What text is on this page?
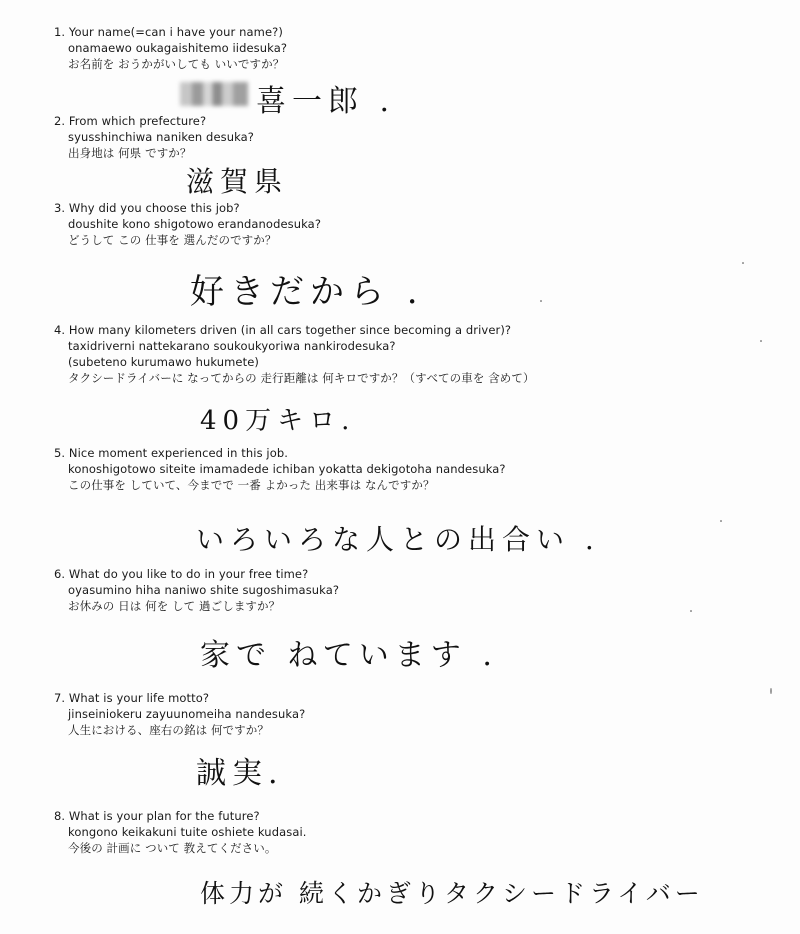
1. Your name(=can i have your name?)
onamaewo oukagaishitemo iidesuka?
お名前を おうかがいしても いいですか？
喜一郎 .
2. From which prefecture?
syusshinchiwa naniken desuka?
出身地は 何県 ですか？
滋賀県
3. Why did you choose this job?
doushite kono shigotowo erandanodesuka?
どうして この 仕事を 選んだのですか？
好きだから .
4. How many kilometers driven (in all cars together since becoming a driver)?
taxidriverni nattekarano soukoukyoriwa nankirodesuka?
(subeteno kurumawo hukumete)
タクシードライバーに なってからの 走行距離は 何キロですか？（すべての車を 含めて）
40万キロ.
5. Nice moment experienced in this job.
konoshigotowo siteite imamadede ichiban yokatta dekigotoha nandesuka?
この仕事を していて、今までで 一番 よかった 出来事は なんですか？
いろいろな人との出合い .
6. What do you like to do in your free time?
oyasumino hiha naniwo shite sugoshimasuka?
お休みの 日は 何を して 過ごしますか？
家で ねています .
7. What is your life motto?
jinseiniokeru zayuunomeiha nandesuka?
人生における、座右の銘は 何ですか？
誠実.
8. What is your plan for the future?
kongono keikakuni tuite oshiete kudasai.
今後の 計画に ついて 教えてください。
体力が 続くかぎりタクシードライバー
